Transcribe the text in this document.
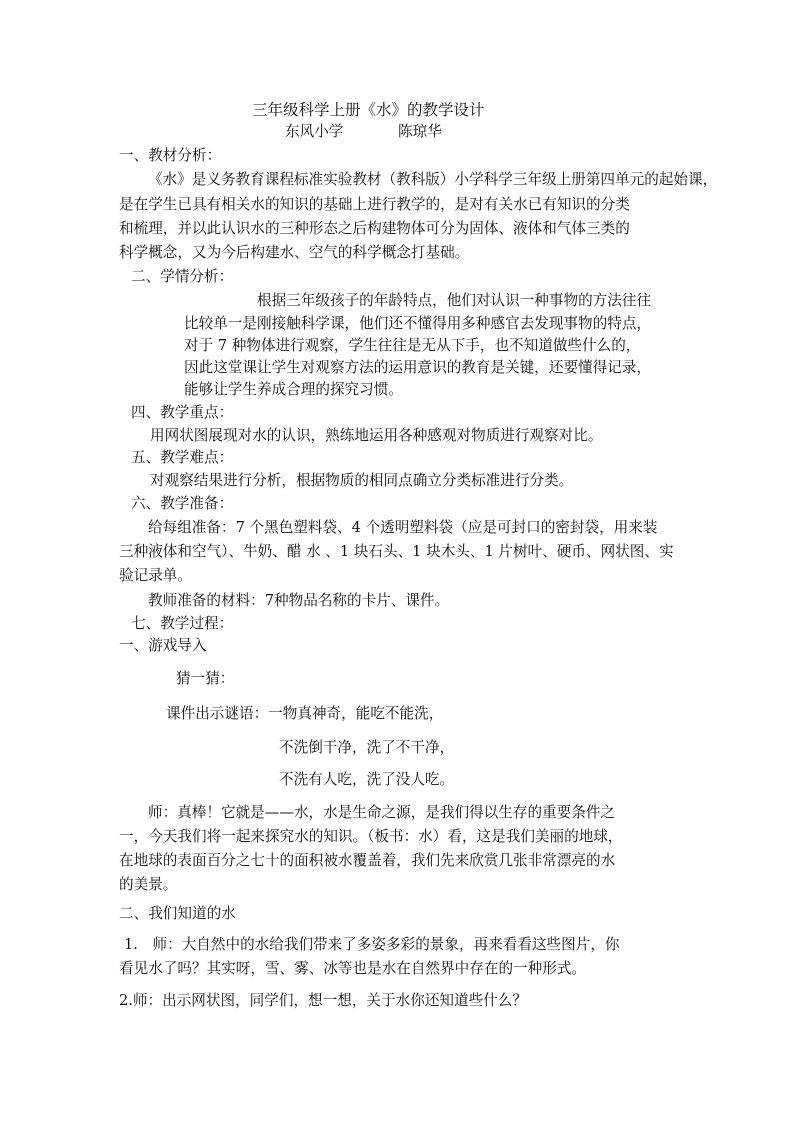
三年级科学上册《水》的教学设计
东风小学	陈琼华
一、教材分析：
《水》是义务教育课程标准实验教材（教科版）小学科学三年级上册第四单元的起始课，
是在学生已具有相关水的知识的基础上进行教学的，是对有关水已有知识的分类
和梳理，并以此认识水的三种形态之后构建物体可分为固体、液体和气体三类的
科学概念，又为今后构建水、空气的科学概念打基础。
二、学情分析：
根据三年级孩子的年龄特点，他们对认识一种事物的方法往往
比较单一是刚接触科学课，他们还不懂得用多种感官去发现事物的特点，
对于 7 种物体进行观察，学生往往是无从下手，也不知道做些什么的，
因此这堂课让学生对观察方法的运用意识的教育是关键，还要懂得记录，
能够让学生养成合理的探究习惯。
四、教学重点：
用网状图展现对水的认识，熟练地运用各种感观对物质进行观察对比。
五、教学难点：
对观察结果进行分析，根据物质的相同点确立分类标准进行分类。
六、教学准备：
给每组准备：7 个黑色塑料袋、4 个透明塑料袋（应是可封口的密封袋，用来装
三种液体和空气）、牛奶、醋 水 、1 块石头、1 块木头、1 片树叶、硬币、网状图、实
验记录单。
教师准备的材料：7种物品名称的卡片、课件。
七、教学过程：
一、游戏导入
猜一猜：
课件出示谜语：一物真神奇，能吃不能洗，
不洗倒干净，洗了不干净，
不洗有人吃，洗了没人吃。
师：真棒！它就是——水，水是生命之源，是我们得以生存的重要条件之
一，今天我们将一起来探究水的知识。（板书：水）看，这是我们美丽的地球，
在地球的表面百分之七十的面积被水覆盖着，我们先来欣赏几张非常漂亮的水
的美景。
二、我们知道的水
1.　师：大自然中的水给我们带来了多姿多彩的景象，再来看看这些图片，你
看见水了吗？其实呀，雪、雾、冰等也是水在自然界中存在的一种形式。
2.师：出示网状图，同学们，想一想，关于水你还知道些什么？
